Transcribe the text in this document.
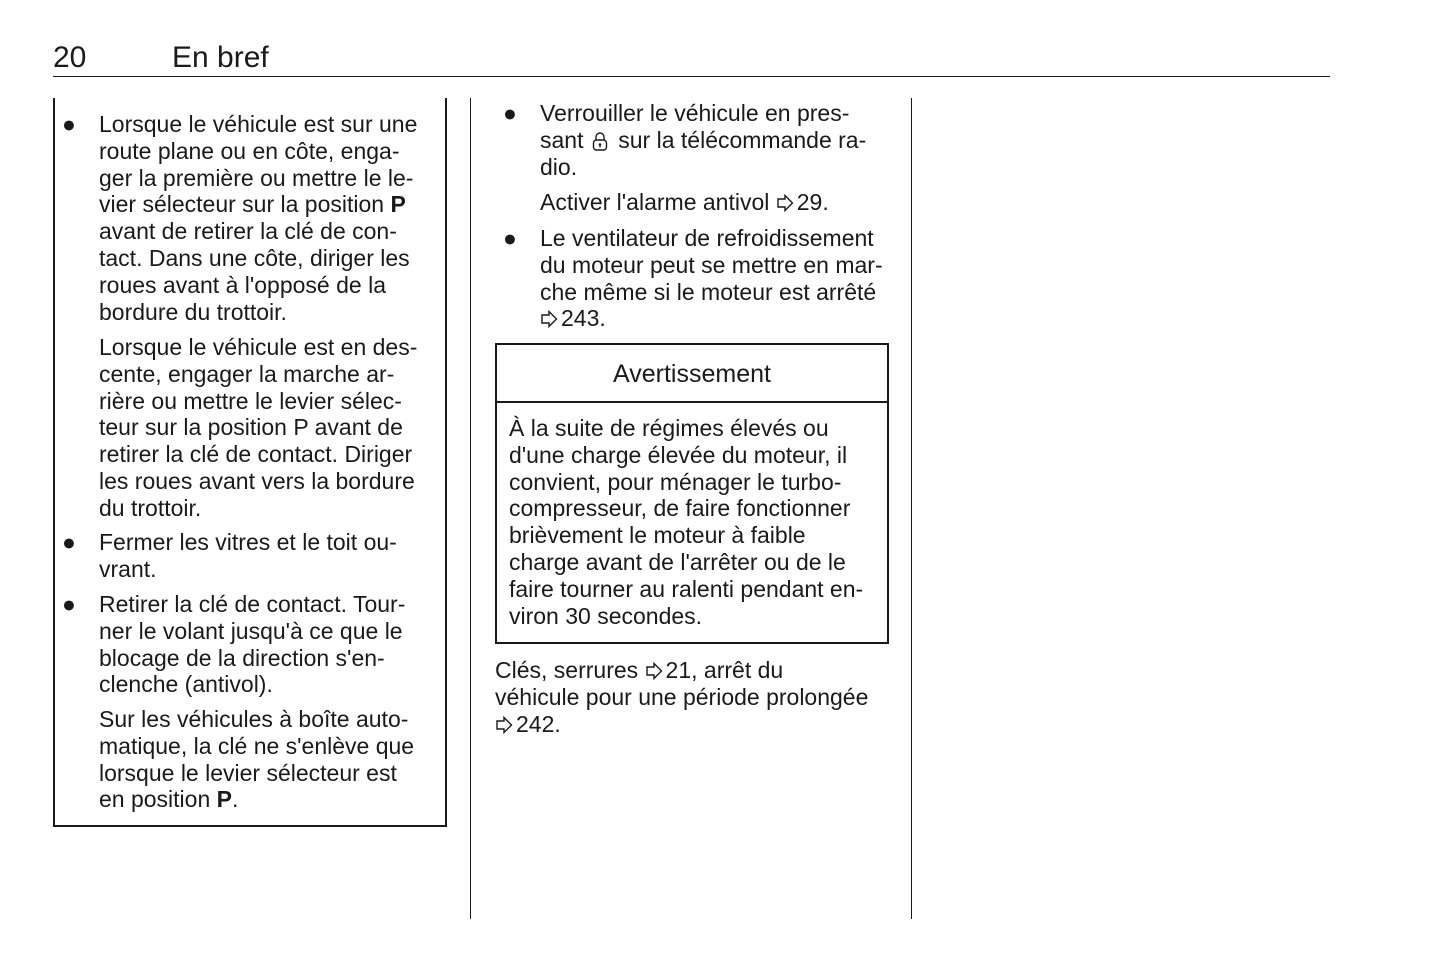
20	En bref
● Lorsque le véhicule est sur une
route plane ou en côte, enga-
ger la première ou mettre le le-
vier sélecteur sur la position P
avant de retirer la clé de con-
tact. Dans une côte, diriger les
roues avant à l'opposé de la
bordure du trottoir.
Lorsque le véhicule est en des-
cente, engager la marche ar-
rière ou mettre le levier sélec-
teur sur la position P avant de
retirer la clé de contact. Diriger
les roues avant vers la bordure
du trottoir.
● Fermer les vitres et le toit ou-
vrant.
● Retirer la clé de contact. Tour-
ner le volant jusqu'à ce que le
blocage de la direction s'en-
clenche (antivol).
Sur les véhicules à boîte auto-
matique, la clé ne s'enlève que
lorsque le levier sélecteur est
en position P.
● Verrouiller le véhicule en pres-
sant  sur la télécommande ra-
dio.
Activer l'alarme antivol 29.
● Le ventilateur de refroidissement
du moteur peut se mettre en mar-
che même si le moteur est arrêté
243.
Avertissement
À la suite de régimes élevés ou
d'une charge élevée du moteur, il
convient, pour ménager le turbo-
compresseur, de faire fonctionner
brièvement le moteur à faible
charge avant de l'arrêter ou de le
faire tourner au ralenti pendant en-
viron 30 secondes.
Clés, serrures 21, arrêt du
véhicule pour une période prolongée
242.
